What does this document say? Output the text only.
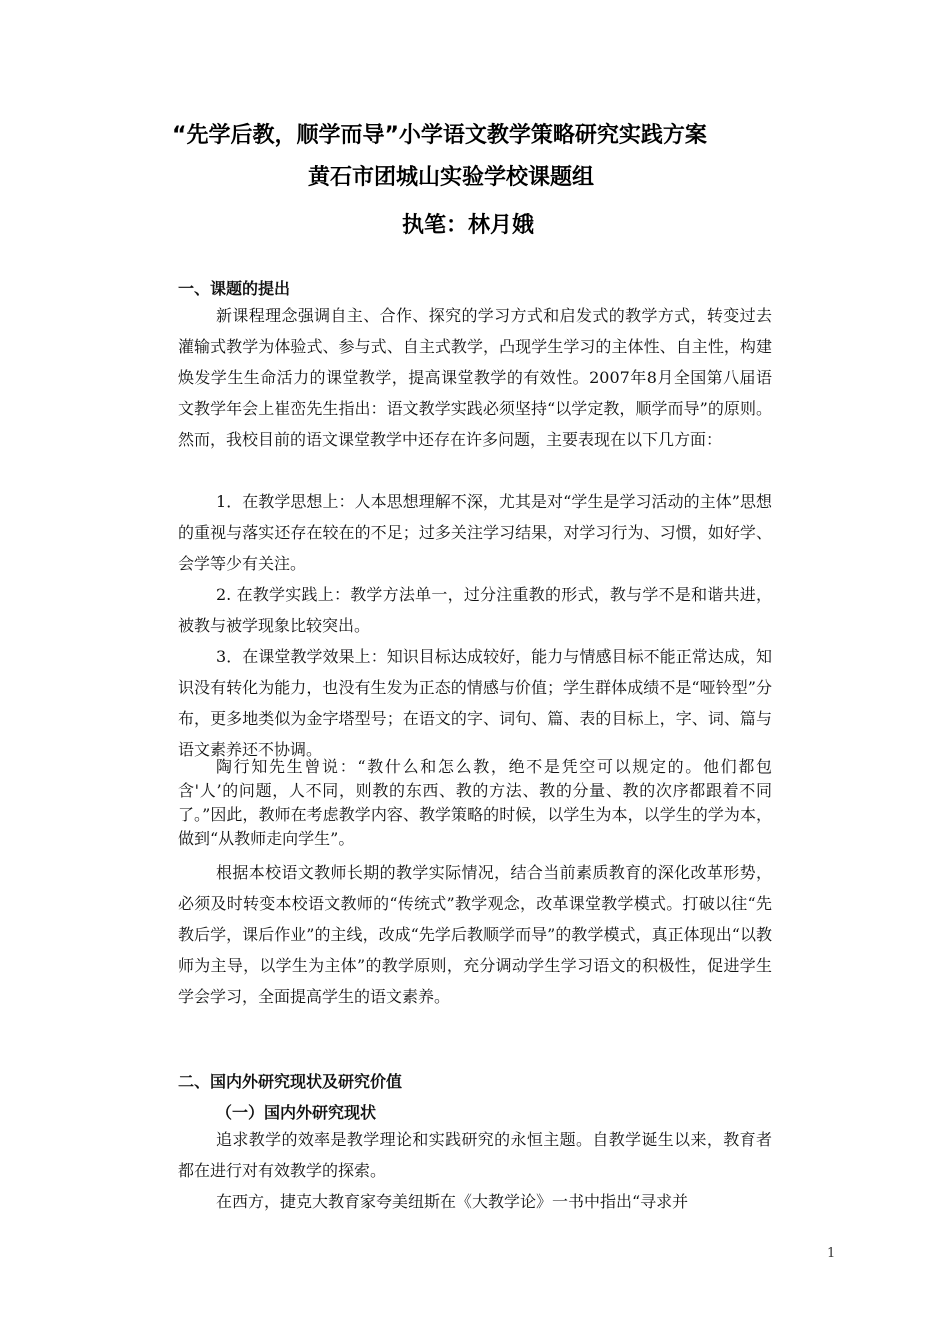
“先学后教，顺学而导”小学语文教学策略研究实践方案
黄石市团城山实验学校课题组
执笔：林月娥
一、课题的提出

新课程理念强调自主、合作、探究的学习方式和启发式的教学方式，转变过去灌输式教学为体验式、参与式、自主式教学，凸现学生学习的主体性、自主性，构建焕发学生生命活力的课堂教学，提高课堂教学的有效性。2007年8月全国第八届语文教学年会上崔峦先生指出：语文教学实践必须坚持“以学定教，顺学而导”的原则。然而，我校目前的语文课堂教学中还存在许多问题，主要表现在以下几方面：

1．在教学思想上：人本思想理解不深，尤其是对“学生是学习活动的主体”思想的重视与落实还存在较在的不足；过多关注学习结果，对学习行为、习惯，如好学、会学等少有关注。

2. 在教学实践上：教学方法单一，过分注重教的形式，教与学不是和谐共进，被教与被学现象比较突出。

3．在课堂教学效果上：知识目标达成较好，能力与情感目标不能正常达成，知识没有转化为能力，也没有生发为正态的情感与价值；学生群体成绩不是“哑铃型”分布，更多地类似为金字塔型号；在语文的字、词句、篇、表的目标上，字、词、篇与语文素养还不协调。

陶行知先生曾说：“教什么和怎么教，绝不是凭空可以规定的。他们都包含'人’的问题，人不同，则教的东西、教的方法、教的分量、教的次序都跟着不同了。”因此，教师在考虑教学内容、教学策略的时候，以学生为本，以学生的学为本，做到“从教师走向学生”。

根据本校语文教师长期的教学实际情况，结合当前素质教育的深化改革形势，必须及时转变本校语文教师的“传统式”教学观念，改革课堂教学模式。打破以往“先教后学，课后作业”的主线，改成“先学后教顺学而导”的教学模式，真正体现出“以教师为主导，以学生为主体”的教学原则，充分调动学生学习语文的积极性，促进学生学会学习，全面提高学生的语文素养。

二、国内外研究现状及研究价值
（一）国内外研究现状

追求教学的效率是教学理论和实践研究的永恒主题。自教学诞生以来，教育者都在进行对有效教学的探索。

在西方，捷克大教育家夸美纽斯在《大教学论》一书中指出“寻求并

1
